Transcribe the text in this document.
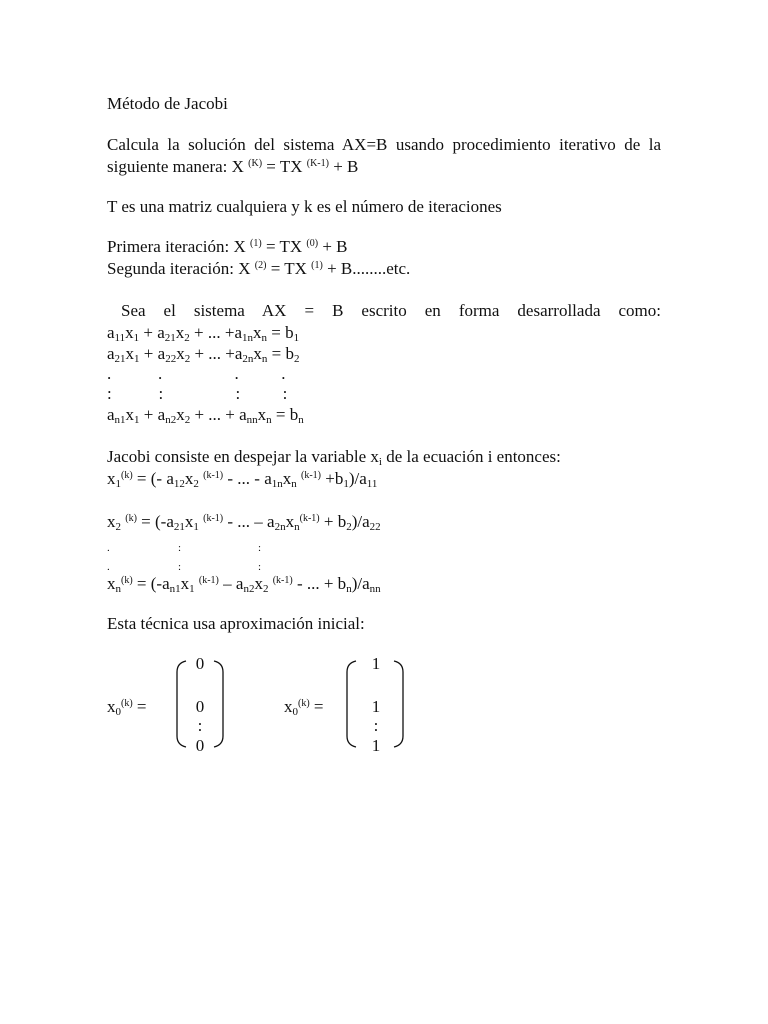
Método de Jacobi
Calcula la solución del sistema AX=B usando procedimiento iterativo de la
siguiente manera: X $^{(K)}$ = TX $^{(K-1)}$ + B
T es una matriz cualquiera y k es el número de iteraciones
Primera iteración: X $^{(1)}$ = TX $^{(0)}$ + B
Segunda iteración: X $^{(2)}$ = TX $^{(1)}$ + B........etc.
Sea el sistema AX = B escrito en forma desarrollada como:
$a_{11}x_1 + a_{21}x_2$ + ... $+a_{1n}x_n = b_1$
$a_{21}x_1 + a_{22}x_2$ + ... $+a_{2n}x_n = b_2$
.           .                 .          .
:           :                 :          :
$a_{n1}x_1 + a_{n2}x_2$ + ... + $a_{nn}x_n = b_n$
Jacobi consiste en despejar la variable $x_i$ de la ecuación i entonces:
$x_1^{(k)}$ = (- $a_{12}x_2$ $^{(k-1)}$ - ... - $a_{1n}x_n$ $^{(k-1)} +b_1)/a_{11}$
$x_2$ $^{(k)} = (-a_{21}x_1$ $^{(k-1)}$ - ... – $a_{2n}x_n^{(k-1)} + b_2)/a_{22}$
.	:	:
.	:	:
$x_n^{(k)} = (-a_{n1}x_1$ $^{(k-1)} - a_{n2}x_2$ $^{(k-1)}$ - ... + $b_n)/a_{nn}$
Esta técnica usa aproximación inicial:
$x_0^{(k)}$ =
0
0
:
0
$x_0^{(k)}$ =
1
1
:
1
